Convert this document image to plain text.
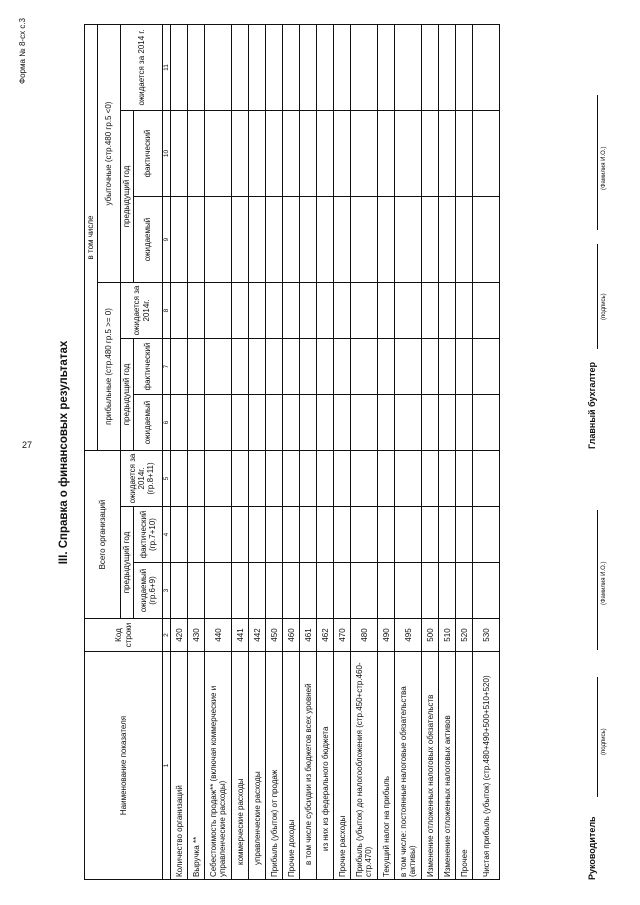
27
Форма № 8-сх с.3
III. Справка о финансовых результатах
Наименование показателя	Код строки	Всего организаций			в том числе					
					прибыльные (стр.480 гр.5 >= 0)			убыточные (стр.480 гр.5 <0)		
		предыдущий год		ожидается за 2014г. (гр.8+11)	предыдущий год		ожидается за 2014г.	предыдущий год		ожидается за 2014 г.
		ожидаемый (гр.6+9)	фактический (гр.7+10)		ожидаемый	фактический		ожидаемый	фактический	
1	2	3	4	5	6	7	8	9	10	11
Количество организаций	420									
Выручка **	430									
Себестоимость продаж** (включая коммерческие и управленческие расходы)	440									
коммерческие расходы	441									
управленческие расходы	442									
Прибыль (убыток) от продаж	450									
Прочие доходы	460									
в том числе субсидии из бюджетов всех уровней	461									
из них из федерального бюджета	462									
Прочие расходы	470									
Прибыль (убыток) до налогообложения (стр.450+стр.460-стр.470)	480									
Текущий налог на прибыль	490									
в том числе: постоянные налоговые обязательства (активы)	495									
Изменение отложенных налоговых обязательств	500									
Изменение отложенных налоговых активов	510									
Прочее	520									
Чистая прибыль (убыток) (стр.480+490+500+510+520)	530									
Руководитель
(подпись)
(Фамилия И.О.)
Главный бухгалтер
(подпись)
(Фамилия И.О.)
